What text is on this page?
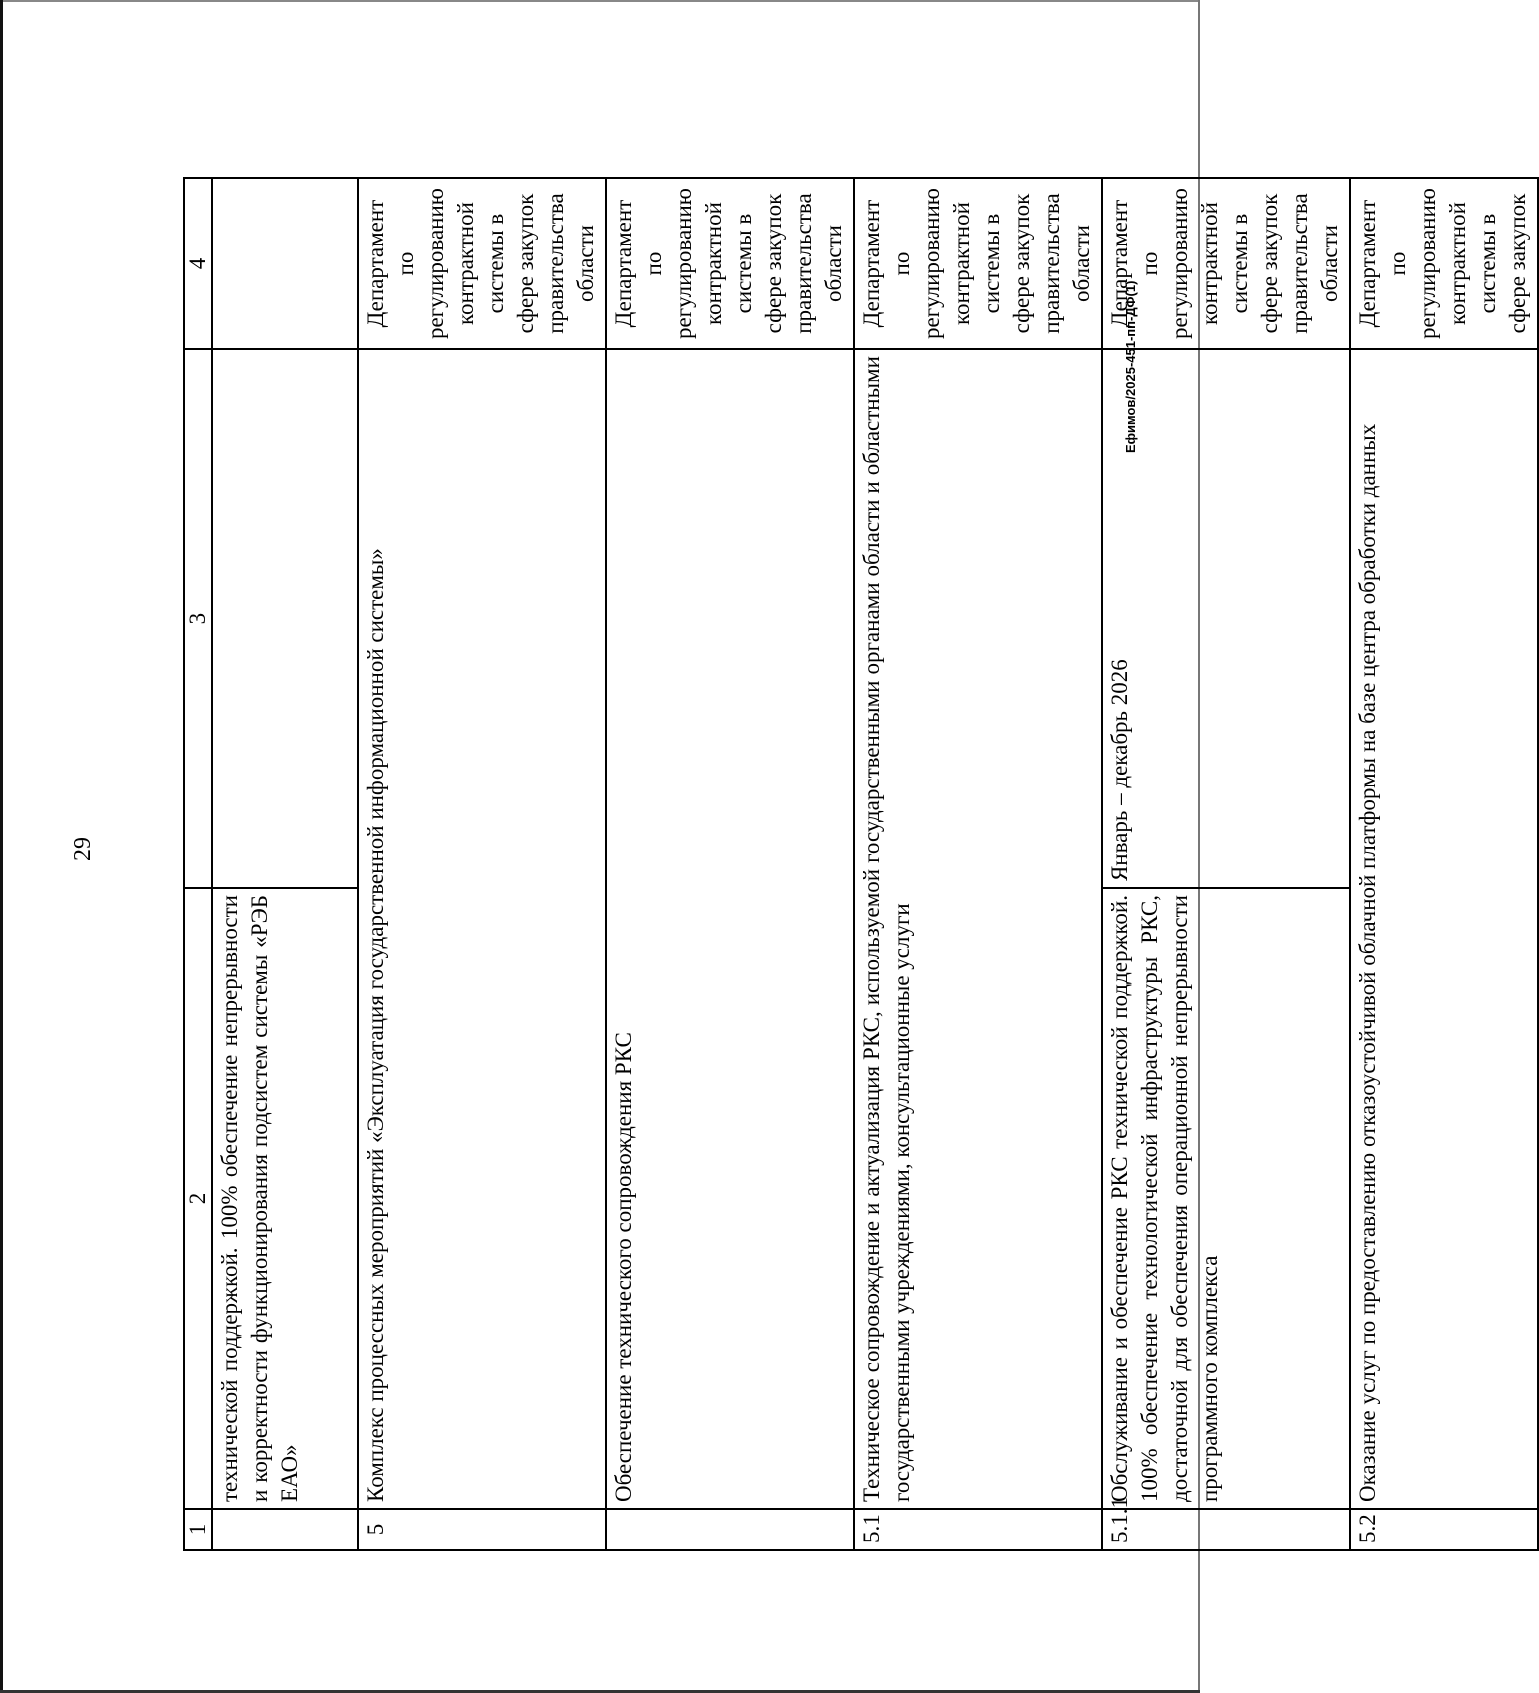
29
1	2	3	4
	технической поддержкой. 100% обеспечение непрерывности и корректности функционирования подсистем системы «РЭБ ЕАО»		
5	Комплекс процессных мероприятий «Эксплуатация государственной информационной системы»		Департамент по регулированию контрактной системы в сфере закупок правительства области
	Обеспечение технического сопровождения РКС		Департамент по регулированию контрактной системы в сфере закупок правительства области
5.1	Техническое сопровождение и актуализация РКС, используемой государственными органами области и областными государственными учреждениями, консультационные услуги		Департамент по регулированию контрактной системы в сфере закупок правительства области
5.1.1	Обслуживание и обеспечение РКС технической поддержкой. 100% обеспечение технологической инфраструктуры РКС, достаточной для обеспечения операционной непрерывности программного комплекса	Январь – декабрь 2026	Департамент по регулированию контрактной системы в сфере закупок правительства области
5.2	Оказание услуг по предоставлению отказоустойчивой облачной платформы на базе центра обработки данных		Департамент по регулированию контрактной системы в сфере закупок
Ефимов/2025-451-пп-ДФ(1)
